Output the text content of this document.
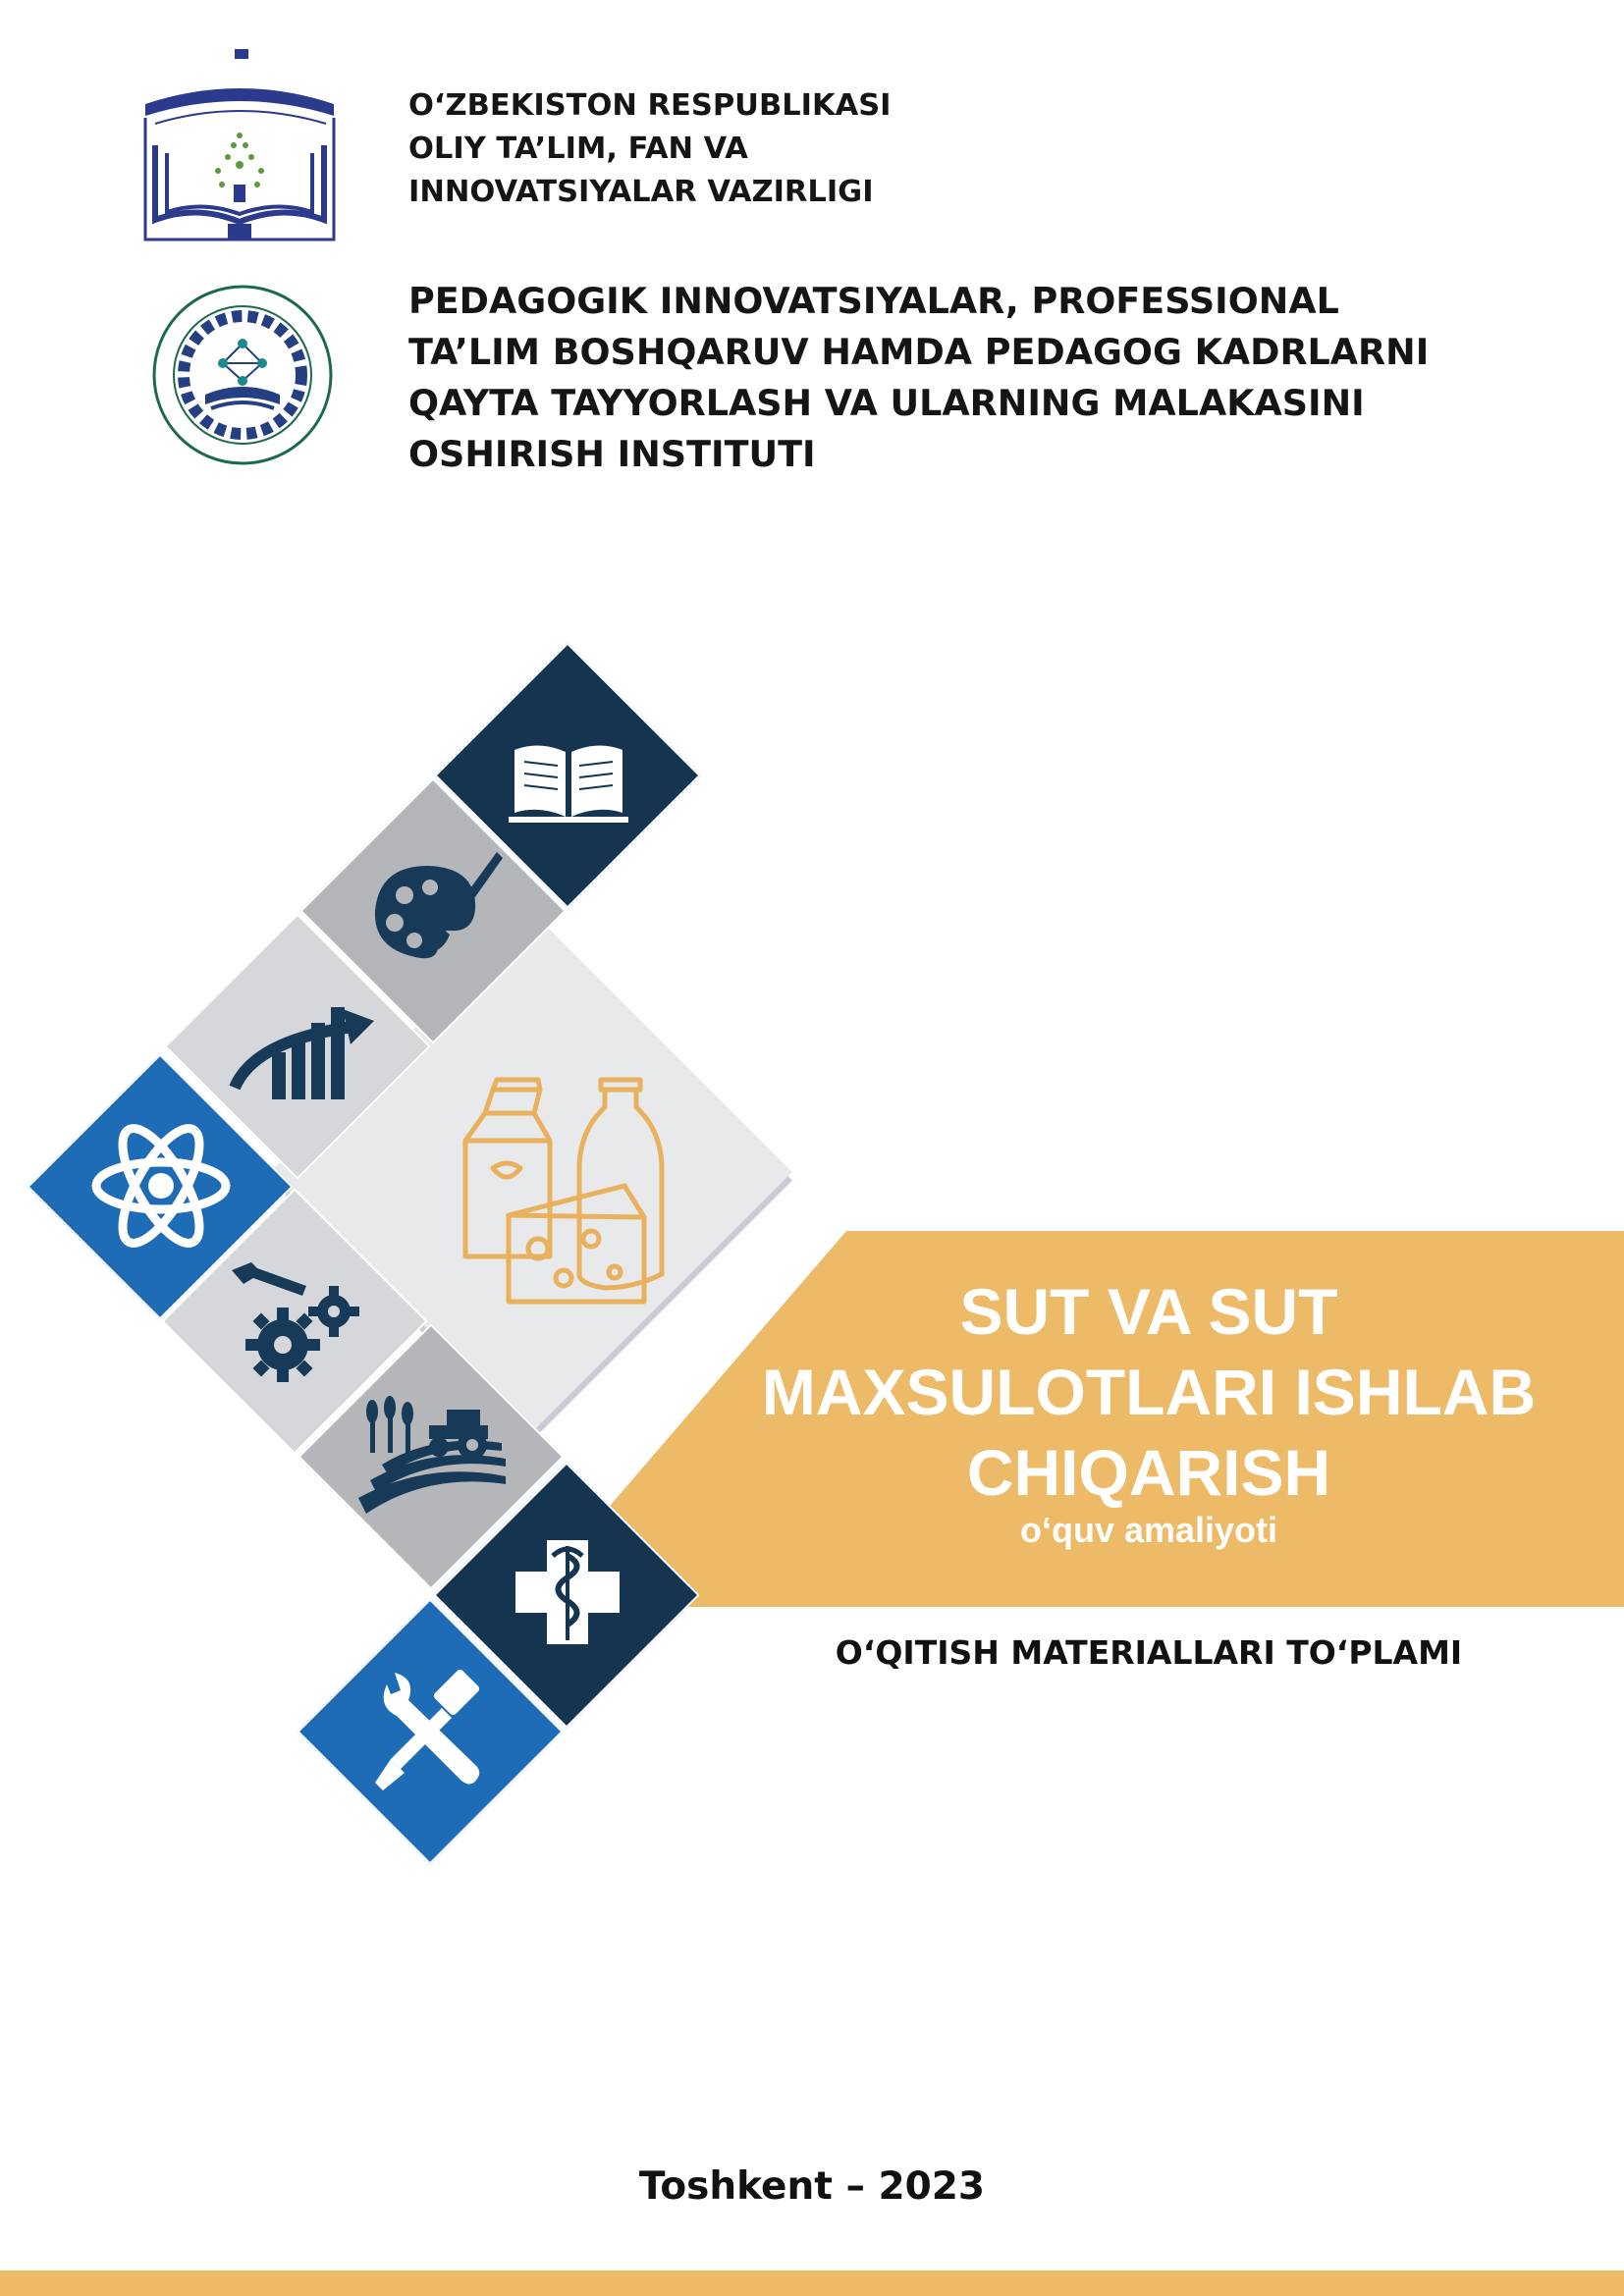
O‘ZBEKISTON RESPUBLIKASI
OLIY TA’LIM, FAN VA
INNOVATSIYALAR VAZIRLIGI
PEDAGOGIK INNOVATSIYALAR, PROFESSIONAL
TA’LIM BOSHQARUV HAMDA PEDAGOG KADRLARNI
QAYTA TAYYORLASH VA ULARNING MALAKASINI
OSHIRISH INSTITUTI
SUT VA SUT
MAXSULOTLARI ISHLAB
CHIQARISH
o‘quv amaliyoti
O‘QITISH MATERIALLARI TO‘PLAMI
Toshkent – 2023
